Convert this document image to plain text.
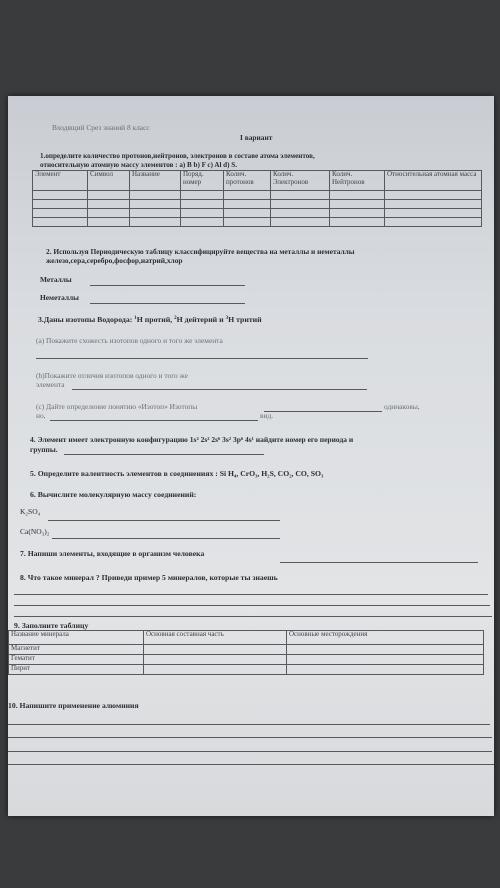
Входящий Срез знаний 8 класс
I вариант
1.определите количество протонов,нейтронов, электронов в составе атома элементов,
относительную атомную массу элементов : а) В b) F c) Al d) S.
Элемент	Символ	Название	Поряд. номер	Колич. протонов	Колич. Электронов	Колич. Нейтронов	Относительная атомная масса

2. Используя Периодическую таблицу классифицируйте вещества на металлы и неметаллы
железо,сера,серебро,фосфор,натрий,хлор
Металлы
Неметаллы
3.Даны изотопы Водорода: $^1$Н протий, $^2$Н дейтерий и $^3$Н тритий
(a) Покажите схожесть изотопов одного и того же элемента
(b)Покажите отличия изотопов одного и того же
элемента
(c) Дайте определение понятию «Изотоп» Изотопы	одинаковы,
но,	вид.
4. Элемент имеет электронную конфигурацию 1s² 2s² 2s⁶ 3s² 3p⁶ 4s¹ найдите номер его периода и
группы.
5. Определите валентность элементов в соединениях : Si H₄, CrO₃, H₂S, CO₂, CO, SO₃
6. Вычислите молекулярную массу соединений:
K₂SO₄
Ca(NO₃)₂
7. Напиши элементы, входящие в организм человека
8. Что такое минерал ? Приведи пример 5 минералов, которые ты знаешь
9. Заполните таблицу
Название минерала	Основная составная часть	Основные месторождения
Магнетит		
Гематит		
Пирит		
10. Напишите применение алюминия
